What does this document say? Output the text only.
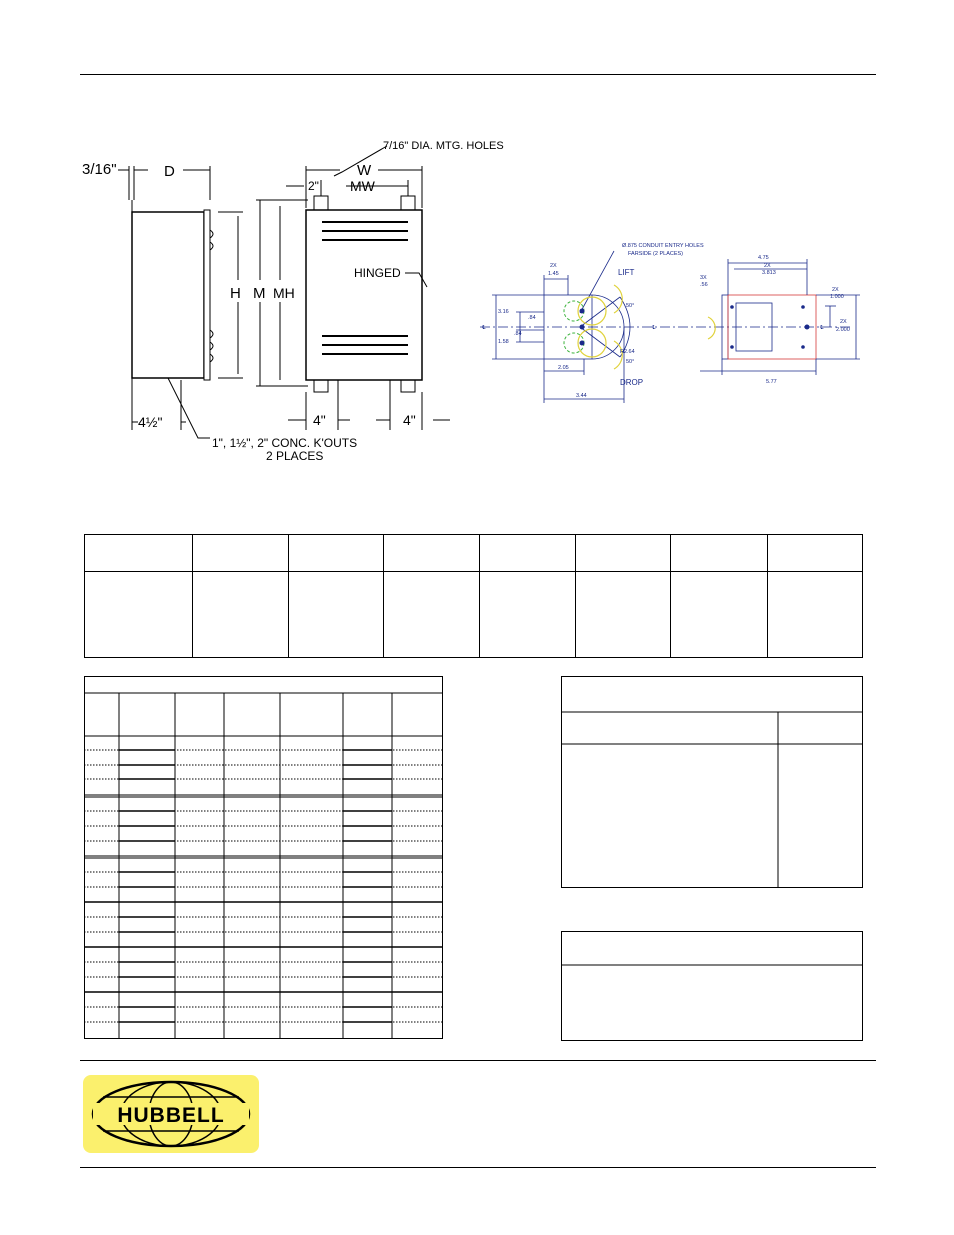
3/16"	D	W
2" MW
7/16" DIA. MTG. HOLES
H M MH
HINGED
4½"	4"	4"
1", 1½", 2" CONC. K'OUTS
2 PLACES
Ø.875 CONDUIT ENTRY HOLES
FARSIDE (2 PLACES)
LIFT
DROP
50°
50°
R2.64
2X
1.45
3.16
.84
.84
1.58
2.05
3.44
℄	℄
4.75
2X
3.813
3X
.56
2X
1.000
2X
2.000
℄
5.77
HUBBELL
